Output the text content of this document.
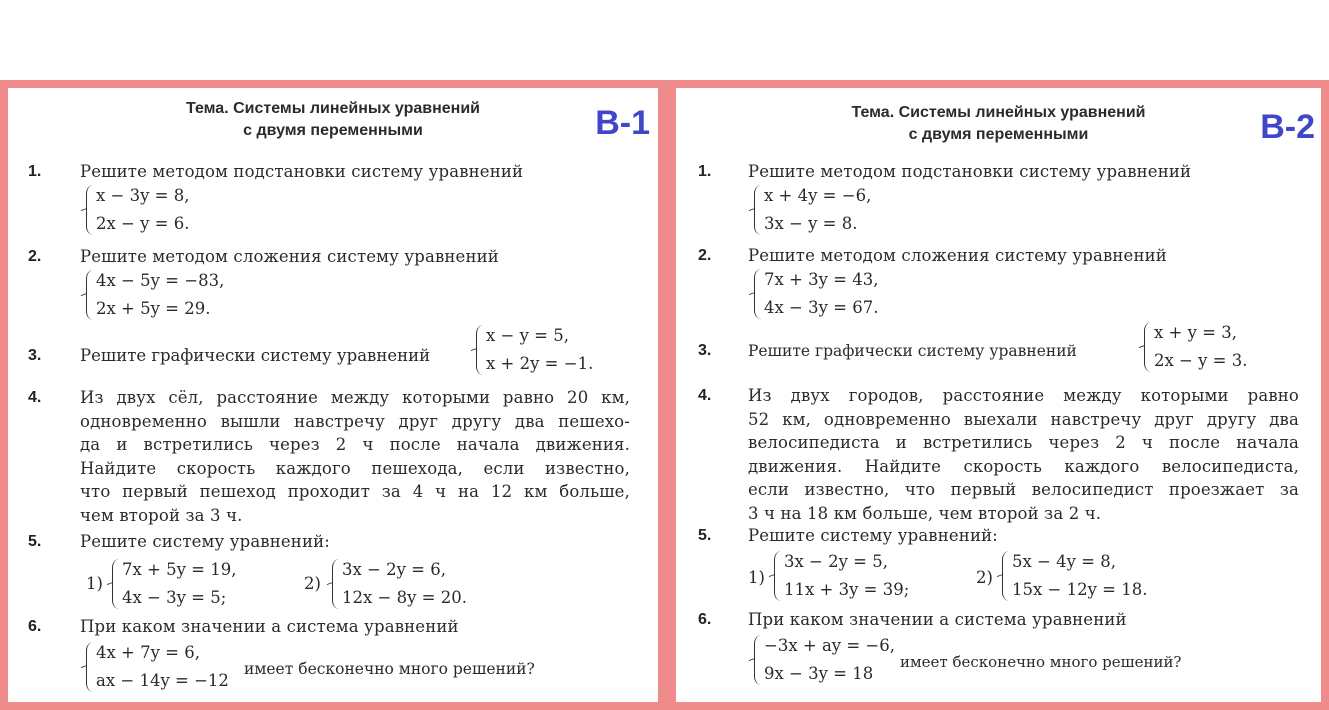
Тема. Системы линейных уравнений
с двумя переменными	В-1
1. Решите методом подстановки систему уравнений
x − 3y = 8,
2x − y = 6.
2. Решите методом сложения систему уравнений
4x − 5y = −83,
2x + 5y = 29.
3. Решите графически систему уравнений
x − y = 5,
x + 2y = −1.
4. Из двух сёл, расстояние между которыми равно 20 км,
одновременно вышли навстречу друг другу два пешехо-
да и встретились через 2 ч после начала движения.
Найдите скорость каждого пешехода, если известно,
что первый пешеход проходит за 4 ч на 12 км больше,
чем второй за 3 ч.
5. Решите систему уравнений:
1)
7x + 5y = 19,
4x − 3y = 5;
2)
3x − 2y = 6,
12x − 8y = 20.
6. При каком значении a система уравнений
4x + 7y = 6,
ax − 14y = −12
имеет бесконечно много решений?
Тема. Системы линейных уравнений
с двумя переменными	В-2
1. Решите методом подстановки систему уравнений
x + 4y = −6,
3x − y = 8.
2. Решите методом сложения систему уравнений
7x + 3y = 43,
4x − 3y = 67.
3. Решите графически систему уравнений
x + y = 3,
2x − y = 3.
4. Из двух городов, расстояние между которыми равно
52 км, одновременно выехали навстречу друг другу два
велосипедиста и встретились через 2 ч после начала
движения. Найдите скорость каждого велосипедиста,
если известно, что первый велосипедист проезжает за
3 ч на 18 км больше, чем второй за 2 ч.
5. Решите систему уравнений:
1)
3x − 2y = 5,
11x + 3y = 39;
2)
5x − 4y = 8,
15x − 12y = 18.
6. При каком значении a система уравнений
−3x + ay = −6,
9x − 3y = 18
имеет бесконечно много решений?
